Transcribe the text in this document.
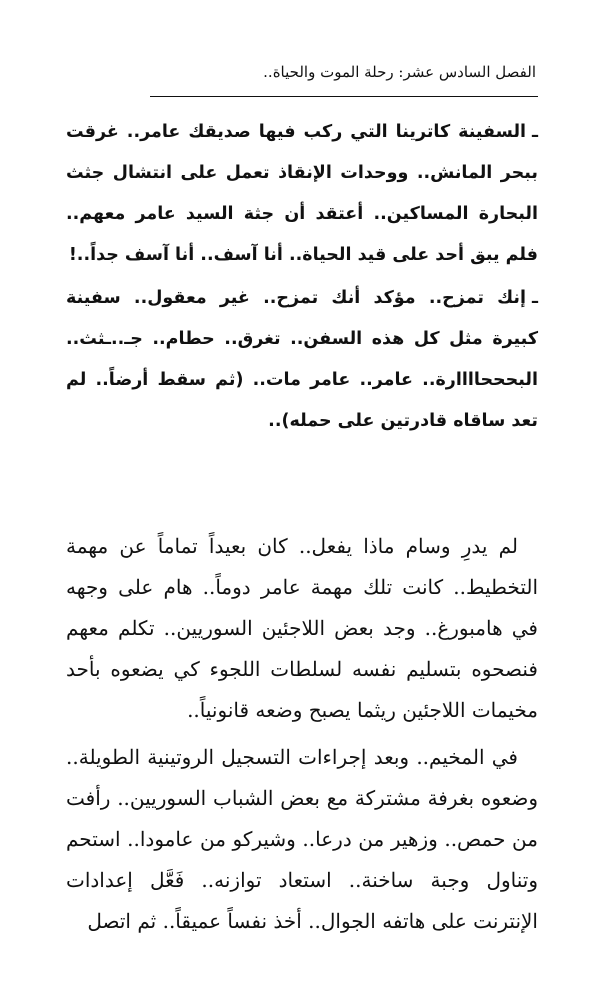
الفصل السادس عشر: رحلة الموت والحياة..

ـالسفينة كاترينا التي ركب فيها صديقك عامر.. غرقت ببحر المانش.. ووحدات الإنقاذ تعمل على انتشال جثث البحارة المساكين.. أعتقد أن جثة السيد عامر معهم.. فلم يبق أحد على قيد الحياة.. أنا آسف.. أنا آسف جداً..!

ـإنك تمزح.. مؤكد أنك تمزح.. غير معقول.. سفينة كبيرة مثل كل هذه السفن.. تغرق.. حطام.. جـ..ـثث.. البحححاااارة.. عامر.. عامر مات.. (ثم سقط أرضاً.. لم تعد ساقاه قادرتين على حمله)..

لم يدرِ وسام ماذا يفعل.. كان بعيداً تماماً عن مهمة التخطيط.. كانت تلك مهمة عامر دوماً.. هام على وجهه في هامبورغ.. وجد بعض اللاجئين السوريين.. تكلم معهم فنصحوه بتسليم نفسه لسلطات اللجوء كي يضعوه بأحد مخيمات اللاجئين ريثما يصبح وضعه قانونياً..

في المخيم.. وبعد إجراءات التسجيل الروتينية الطويلة.. وضعوه بغرفة مشتركة مع بعض الشباب السوريين.. رأفت من حمص.. وزهير من درعا.. وشيركو من عامودا.. استحم وتناول وجبة ساخنة.. استعاد توازنه.. فَعَّل إعدادات الإنترنت على هاتفه الجوال.. أخذ نفساً عميقاً.. ثم اتصل
